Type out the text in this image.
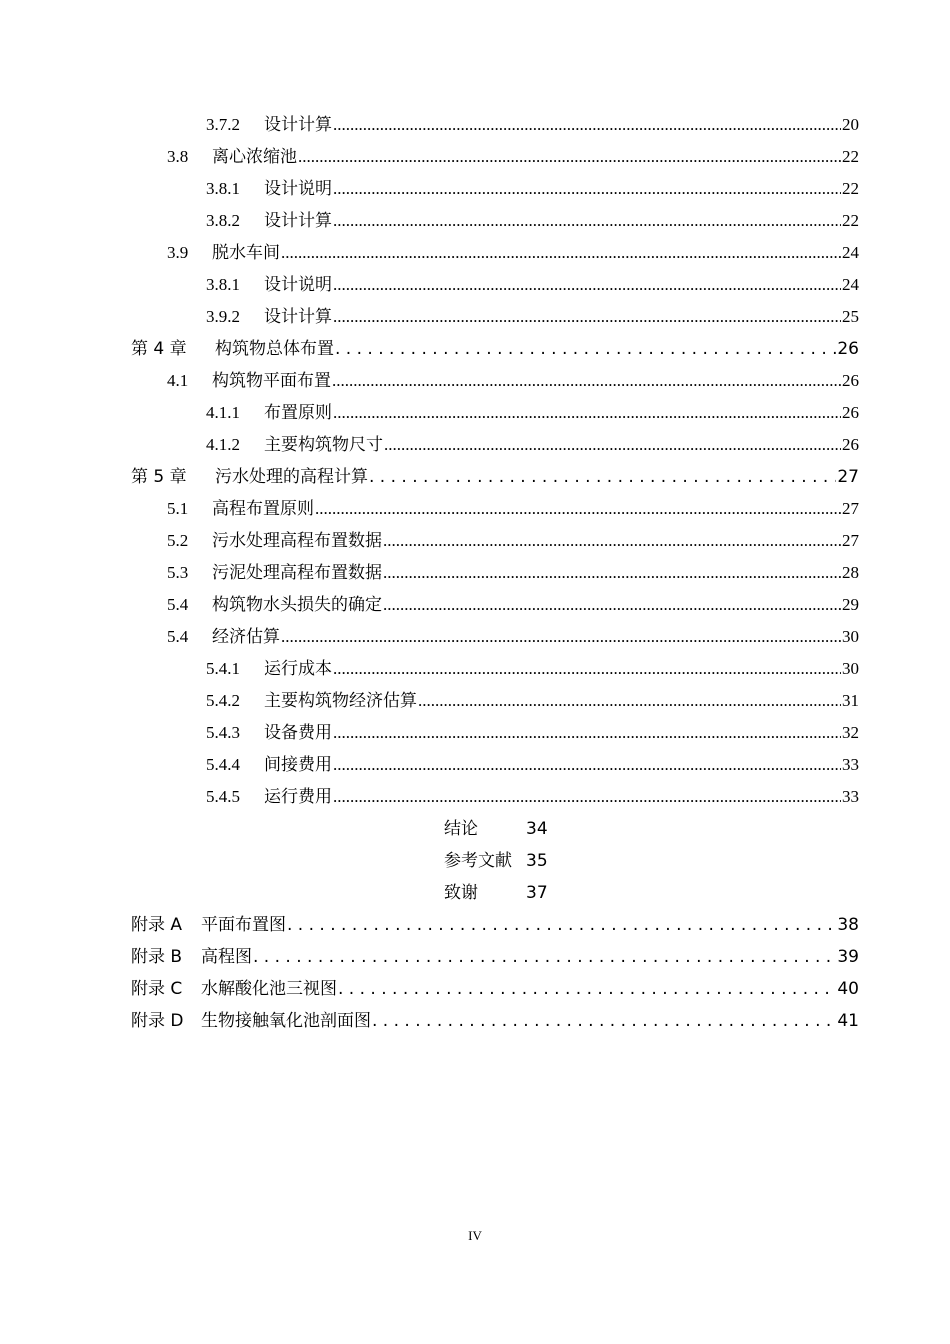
3.7.2	设计计算 .....	20
3.8	离心浓缩池 .....	22
3.8.1	设计说明 .....	22
3.8.2	设计计算 .....	22
3.9	脱水车间 .....	24
3.8.1	设计说明 .....	24
3.9.2	设计计算 .....	25
第 4 章	构筑物总体布置 . . .	26
4.1	构筑物平面布置 .....	26
4.1.1	布置原则 .....	26
4.1.2	主要构筑物尺寸 .....	26
第 5 章	污水处理的高程计算 . . .	27
5.1	高程布置原则 .....	27
5.2	污水处理高程布置数据 .....	27
5.3	污泥处理高程布置数据 .....	28
5.4	构筑物水头损失的确定 .....	29
5.4	经济估算 .....	30
5.4.1	运行成本 .....	30
5.4.2	主要构筑物经济估算 .....	31
5.4.3	设备费用 .....	32
5.4.4	间接费用 .....	33
5.4.5	运行费用 .....	33
结论	34
参考文献 35
致谢	37
附录 A	平面布置图 . . .	38
附录 B	高程图 . . .	39
附录 C	水解酸化池三视图 . . .	40
附录 D	生物接触氧化池剖面图 . . .	41
IV
